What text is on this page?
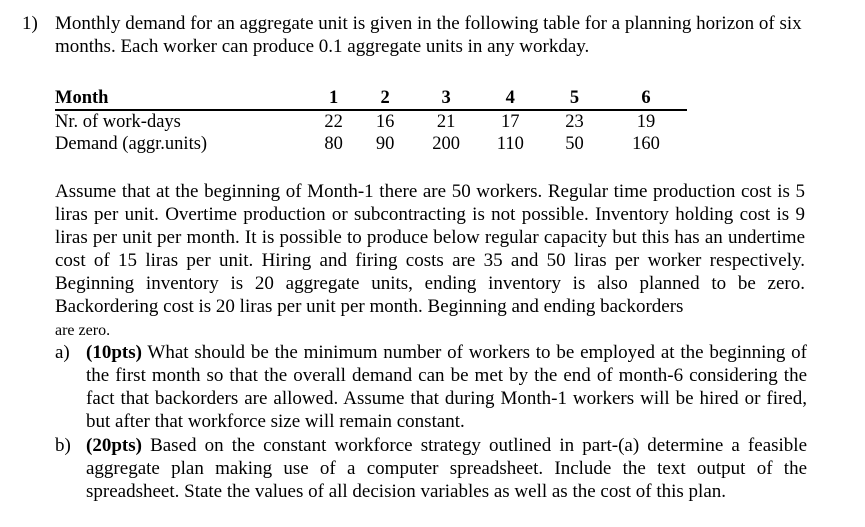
1) Monthly demand for an aggregate unit is given in the following table for a planning horizon of six months. Each worker can produce 0.1 aggregate units in any workday.
Month	1	2	3	4	5	6
Nr. of work-days	22	16	21	17	23	19
Demand (aggr.units)	80	90	200	110	50	160
Assume that at the beginning of Month-1 there are 50 workers. Regular time production cost is 5 liras per unit. Overtime production or subcontracting is not possible. Inventory holding cost is 9 liras per unit per month. It is possible to produce below regular capacity but this has an undertime cost of 15 liras per unit. Hiring and firing costs are 35 and 50 liras per worker respectively. Beginning inventory is 20 aggregate units, ending inventory is also planned to be zero. Backordering cost is 20 liras per unit per month. Beginning and ending backorders
are zero.
a) (10pts) What should be the minimum number of workers to be employed at the beginning of the first month so that the overall demand can be met by the end of month-6 considering the fact that backorders are allowed. Assume that during Month-1 workers will be hired or fired, but after that workforce size will remain constant.
b) (20pts) Based on the constant workforce strategy outlined in part-(a) determine a feasible aggregate plan making use of a computer spreadsheet. Include the text output of the spreadsheet. State the values of all decision variables as well as the cost of this plan.
